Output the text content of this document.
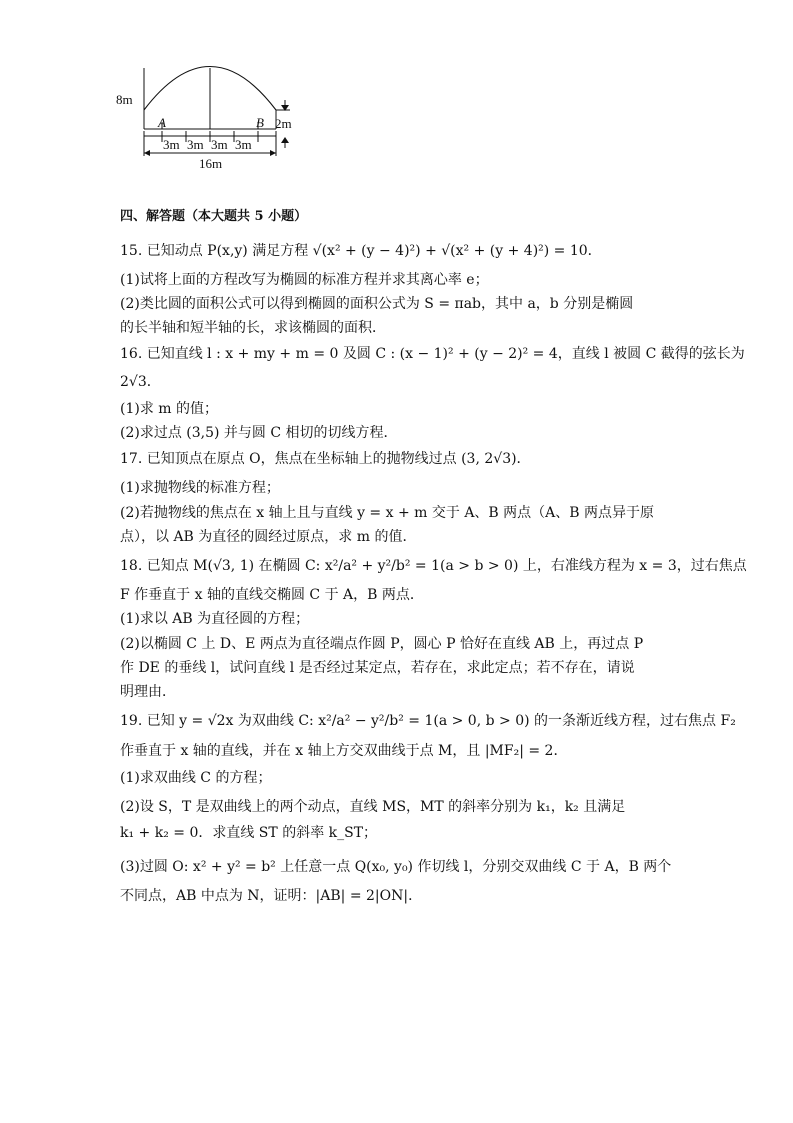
8m
2m
A	B
3m 3m 3m 3m
16m
四、解答题（本大题共 5 小题）
15. 已知动点 P(x,y) 满足方程 √(x² + (y − 4)²) + √(x² + (y + 4)²) = 10．
(1)试将上面的方程改写为椭圆的标准方程并求其离心率 e；
(2)类比圆的面积公式可以得到椭圆的面积公式为 S = πab，其中 a，b 分别是椭圆
的长半轴和短半轴的长，求该椭圆的面积．
16. 已知直线 l : x + my + m = 0 及圆 C : (x − 1)² + (y − 2)² = 4，直线 l 被圆 C 截得的弦长为
2√3．
(1)求 m 的值；
(2)求过点 (3,5) 并与圆 C 相切的切线方程．
17. 已知顶点在原点 O，焦点在坐标轴上的抛物线过点 (3, 2√3)．
(1)求抛物线的标准方程；
(2)若抛物线的焦点在 x 轴上且与直线 y = x + m 交于 A、B 两点（A、B 两点异于原
点），以 AB 为直径的圆经过原点，求 m 的值．
18. 已知点 M(√3, 1) 在椭圆 C: x²/a² + y²/b² = 1(a > b > 0) 上，右准线方程为 x = 3，过右焦点
F 作垂直于 x 轴的直线交椭圆 C 于 A，B 两点．
(1)求以 AB 为直径圆的方程；
(2)以椭圆 C 上 D、E 两点为直径端点作圆 P，圆心 P 恰好在直线 AB 上，再过点 P
作 DE 的垂线 l，试问直线 l 是否经过某定点，若存在，求此定点；若不存在，请说
明理由．
19. 已知 y = √2x 为双曲线 C: x²/a² − y²/b² = 1(a > 0, b > 0) 的一条渐近线方程，过右焦点 F₂
作垂直于 x 轴的直线，并在 x 轴上方交双曲线于点 M，且 |MF₂| = 2．
(1)求双曲线 C 的方程；
(2)设 S，T 是双曲线上的两个动点，直线 MS，MT 的斜率分别为 k₁，k₂ 且满足
k₁ + k₂ = 0．求直线 ST 的斜率 k_ST；
(3)过圆 O: x² + y² = b² 上任意一点 Q(x₀, y₀) 作切线 l，分别交双曲线 C 于 A，B 两个
不同点，AB 中点为 N，证明：|AB| = 2|ON|．
